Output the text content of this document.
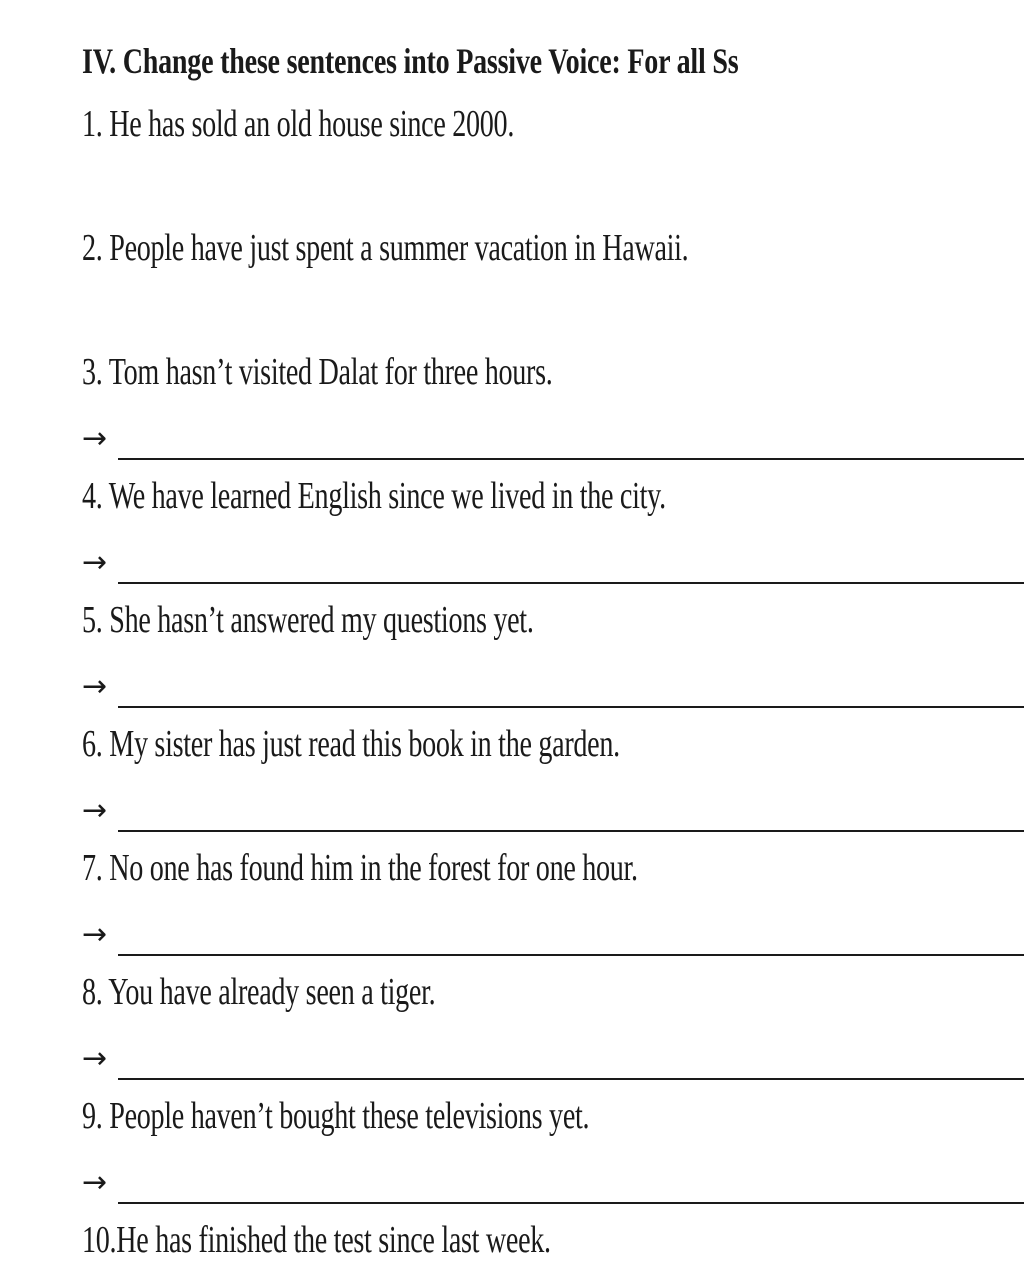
IV. Change these sentences into Passive Voice: For all Ss
1. He has sold an old house since 2000.
2. People have just spent a summer vacation in Hawaii.
3. Tom hasn’t visited Dalat for three hours.
→
4. We have learned English since we lived in the city.
→
5. She hasn’t answered my questions yet.
→
6. My sister has just read this book in the garden.
→
7. No one has found him in the forest for one hour.
→
8. You have already seen a tiger.
→
9. People haven’t bought these televisions yet.
→
10.He has finished the test since last week.
